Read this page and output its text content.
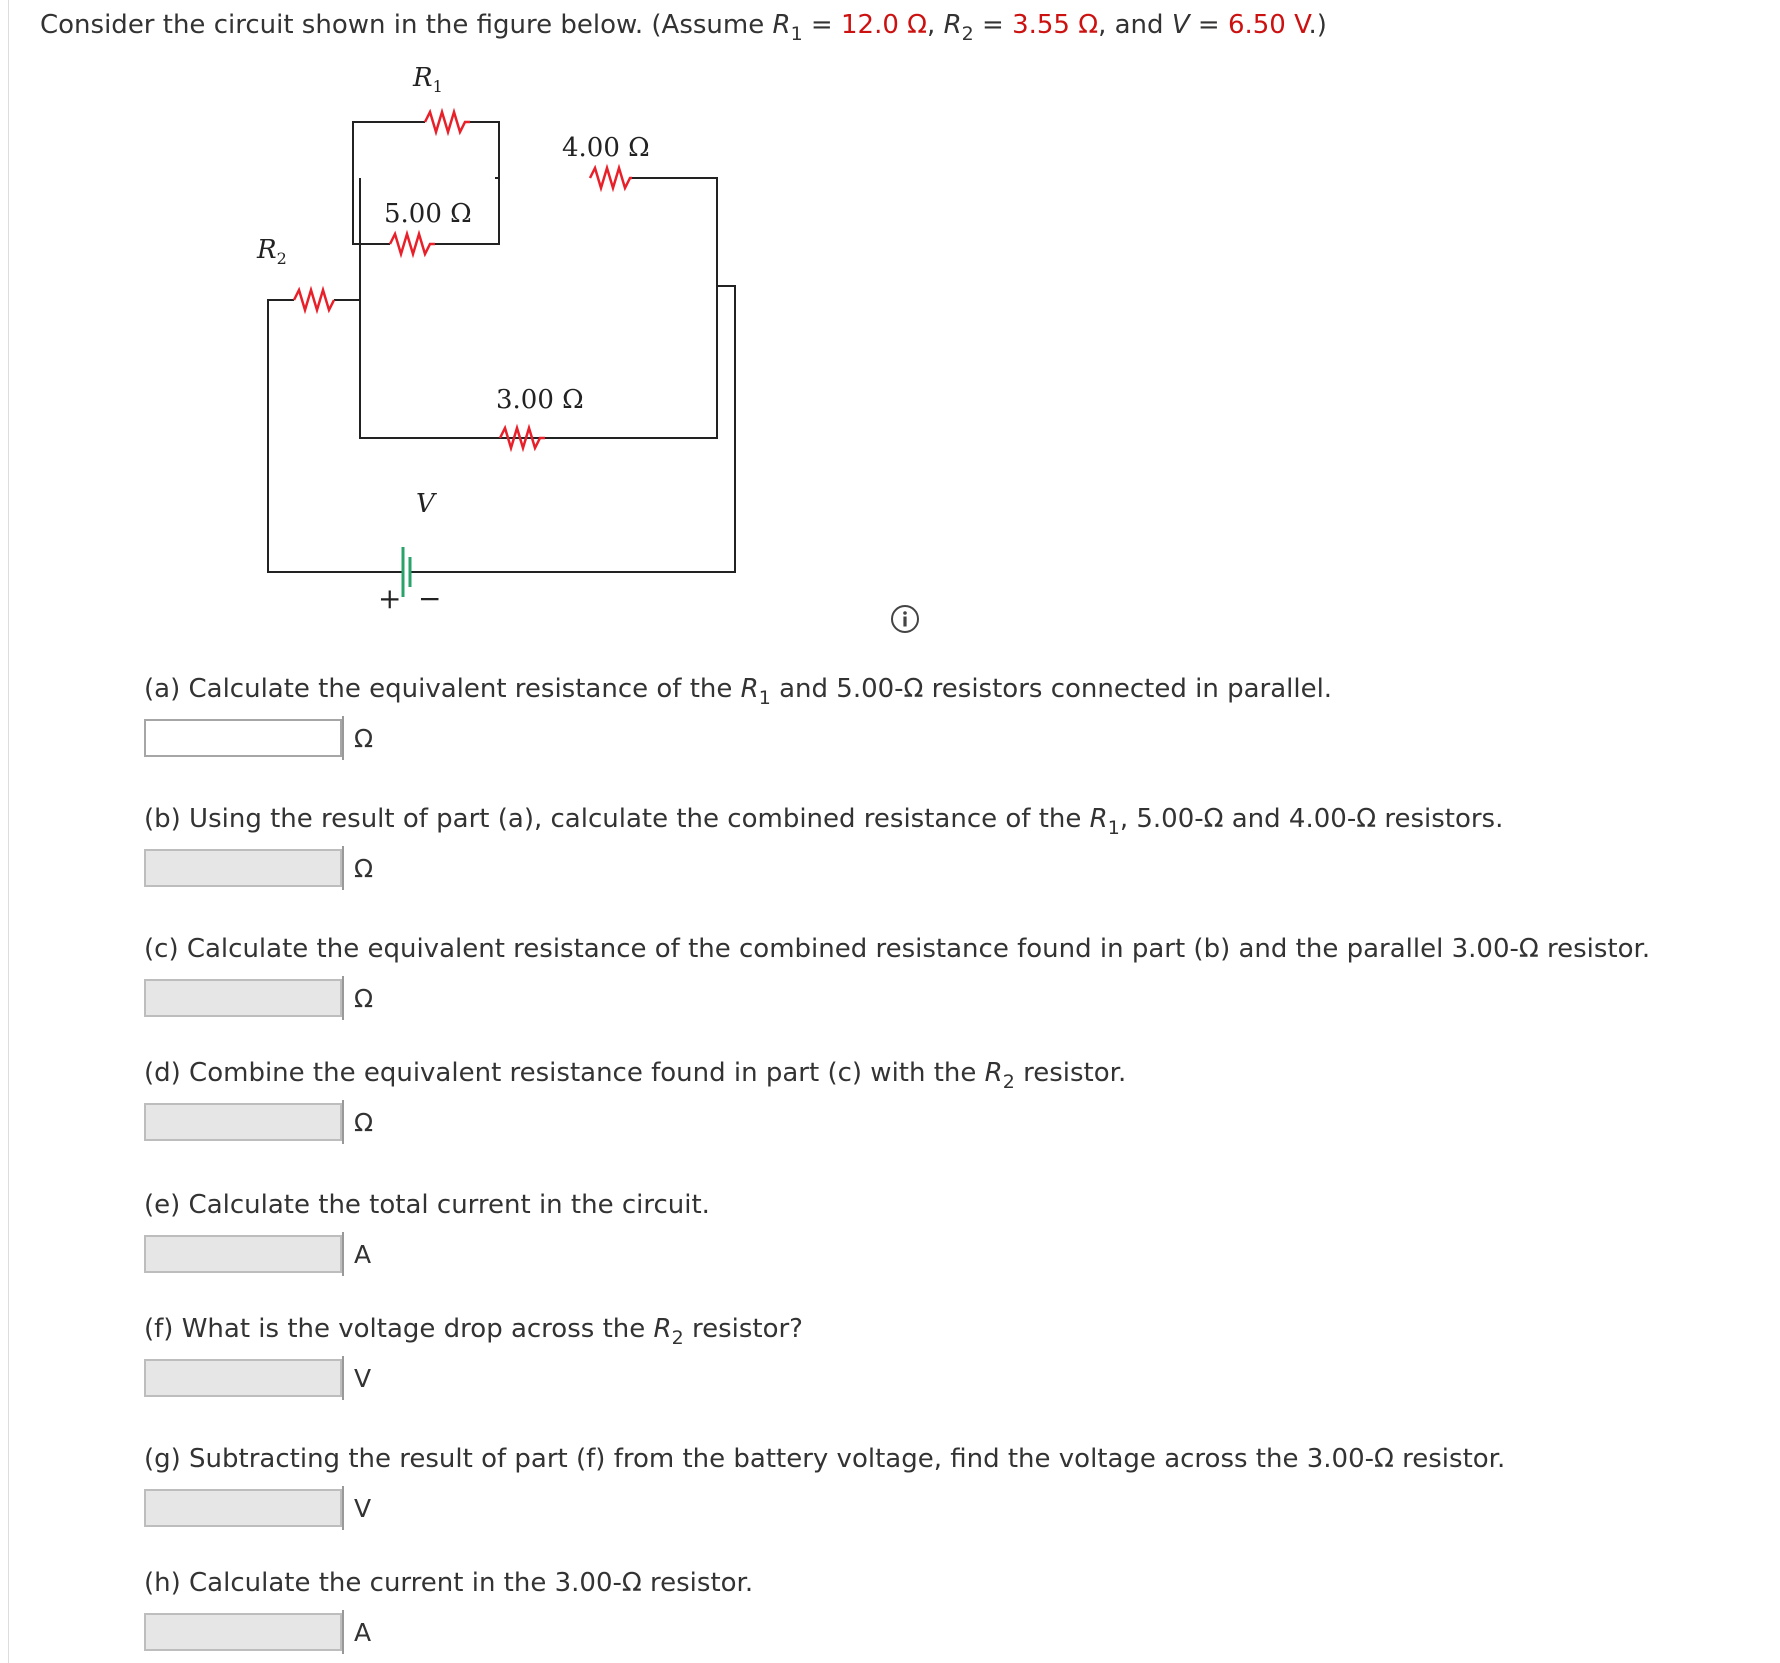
Consider the circuit shown in the figure below. (Assume $R_1 = 12.0$ Ω, $R_2 = 3.55$ Ω, and V = 6.50 V.)
$R_1$
$R_2$
4.00 Ω
5.00 Ω
3.00 Ω
V
+ −
(a) Calculate the equivalent resistance of the $R_1$ and 5.00-Ω resistors connected in parallel.
Ω
(b) Using the result of part (a), calculate the combined resistance of the $R_1$, 5.00-Ω and 4.00-Ω resistors.
Ω
(c) Calculate the equivalent resistance of the combined resistance found in part (b) and the parallel 3.00-Ω resistor.
Ω
(d) Combine the equivalent resistance found in part (c) with the $R_2$ resistor.
Ω
(e) Calculate the total current in the circuit.
A
(f) What is the voltage drop across the $R_2$ resistor?
V
(g) Subtracting the result of part (f) from the battery voltage, find the voltage across the 3.00-Ω resistor.
V
(h) Calculate the current in the 3.00-Ω resistor.
A
